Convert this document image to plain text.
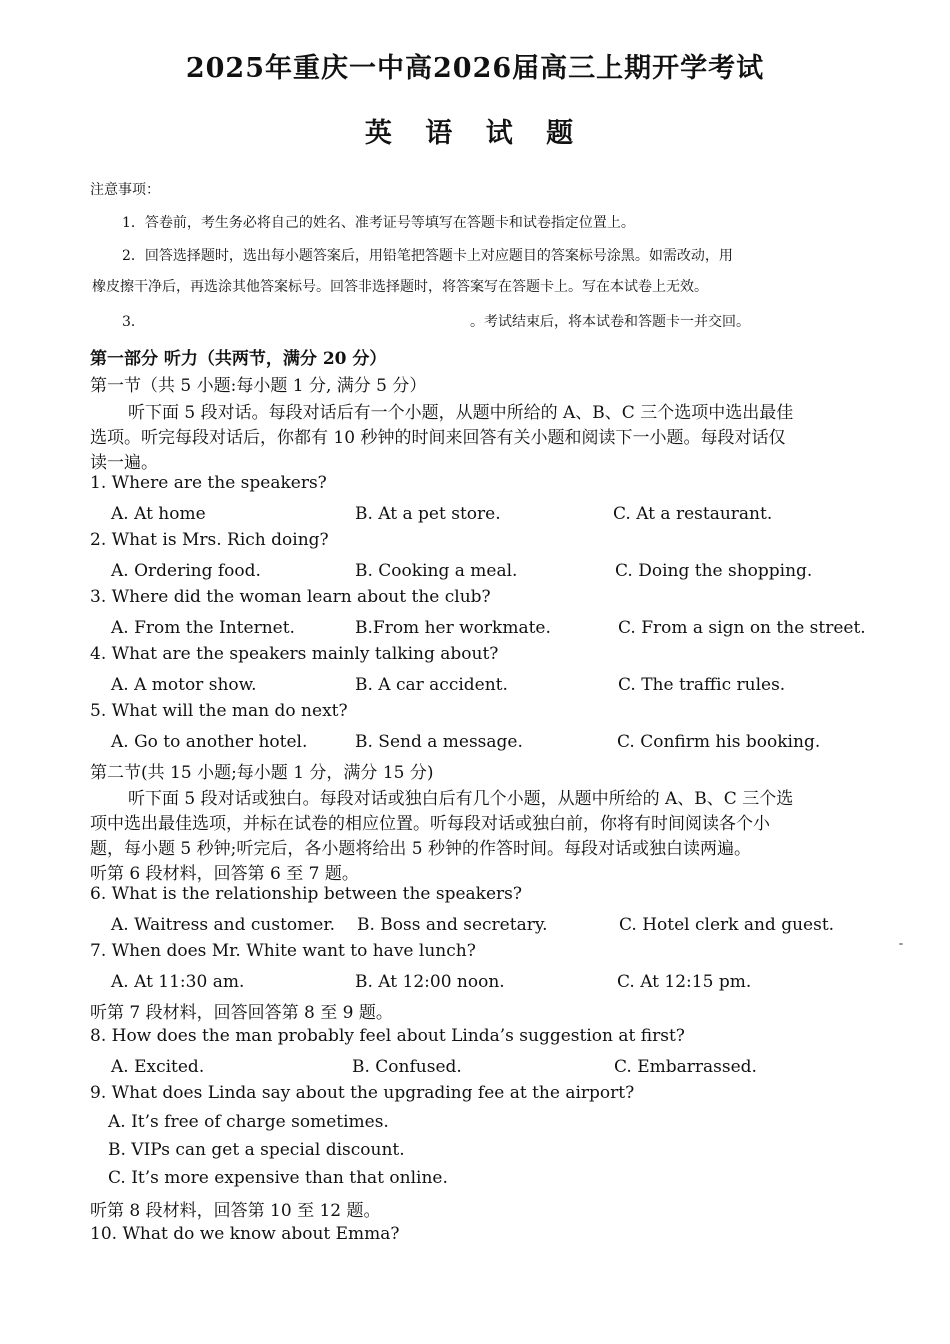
2025年重庆一中高2026届高三上期开学考试
英 语 试 题
注意事项：
1．答卷前，考生务必将自己的姓名、准考证号等填写在答题卡和试卷指定位置上。
2．回答选择题时，选出每小题答案后，用铅笔把答题卡上对应题目的答案标号涂黑。如需改动，用
橡皮擦干净后，再选涂其他答案标号。回答非选择题时，将答案写在答题卡上。写在本试卷上无效。
3．	。考试结束后，将本试卷和答题卡一并交回。
第一部分 听力（共两节，满分 20 分）
第一节（共 5 小题:每小题 1 分, 满分 5 分）
听下面 5 段对话。每段对话后有一个小题，从题中所给的 A、B、C 三个选项中选出最佳
选项。听完每段对话后，你都有 10 秒钟的时间来回答有关小题和阅读下一小题。每段对话仅
读一遍。
1. Where are the speakers?
A. At home	B. At a pet store.	C. At a restaurant.
2. What is Mrs. Rich doing?
A. Ordering food.	B. Cooking a meal.	C. Doing the shopping.
3. Where did the woman learn about the club?
A. From the Internet.	B.From her workmate.	C. From a sign on the street.
4. What are the speakers mainly talking about?
A. A motor show.	B. A car accident.	C. The traffic rules.
5. What will the man do next?
A. Go to another hotel.	B. Send a message.	C. Confirm his booking.
第二节(共 15 小题;每小题 1 分，满分 15 分)
听下面 5 段对话或独白。每段对话或独白后有几个小题，从题中所给的 A、B、C 三个选
项中选出最佳选项，并标在试卷的相应位置。听每段对话或独白前，你将有时间阅读各个小
题，每小题 5 秒钟;听完后，各小题将给出 5 秒钟的作答时间。每段对话或独白读两遍。
听第 6 段材料，回答第 6 至 7 题。
6. What is the relationship between the speakers?
A. Waitress and customer. B. Boss and secretary.	C. Hotel clerk and guest.
7. When does Mr. White want to have lunch?
A. At 11:30 am.	B. At 12:00 noon.	C. At 12:15 pm.
听第 7 段材料，回答回答第 8 至 9 题。
8. How does the man probably feel about Linda’s suggestion at first?
A. Excited.	B. Confused.	C. Embarrassed.
9. What does Linda say about the upgrading fee at the airport?
A. It’s free of charge sometimes.
B. VIPs can get a special discount.
C. It’s more expensive than that online.
听第 8 段材料，回答第 10 至 12 题。
10. What do we know about Emma?
